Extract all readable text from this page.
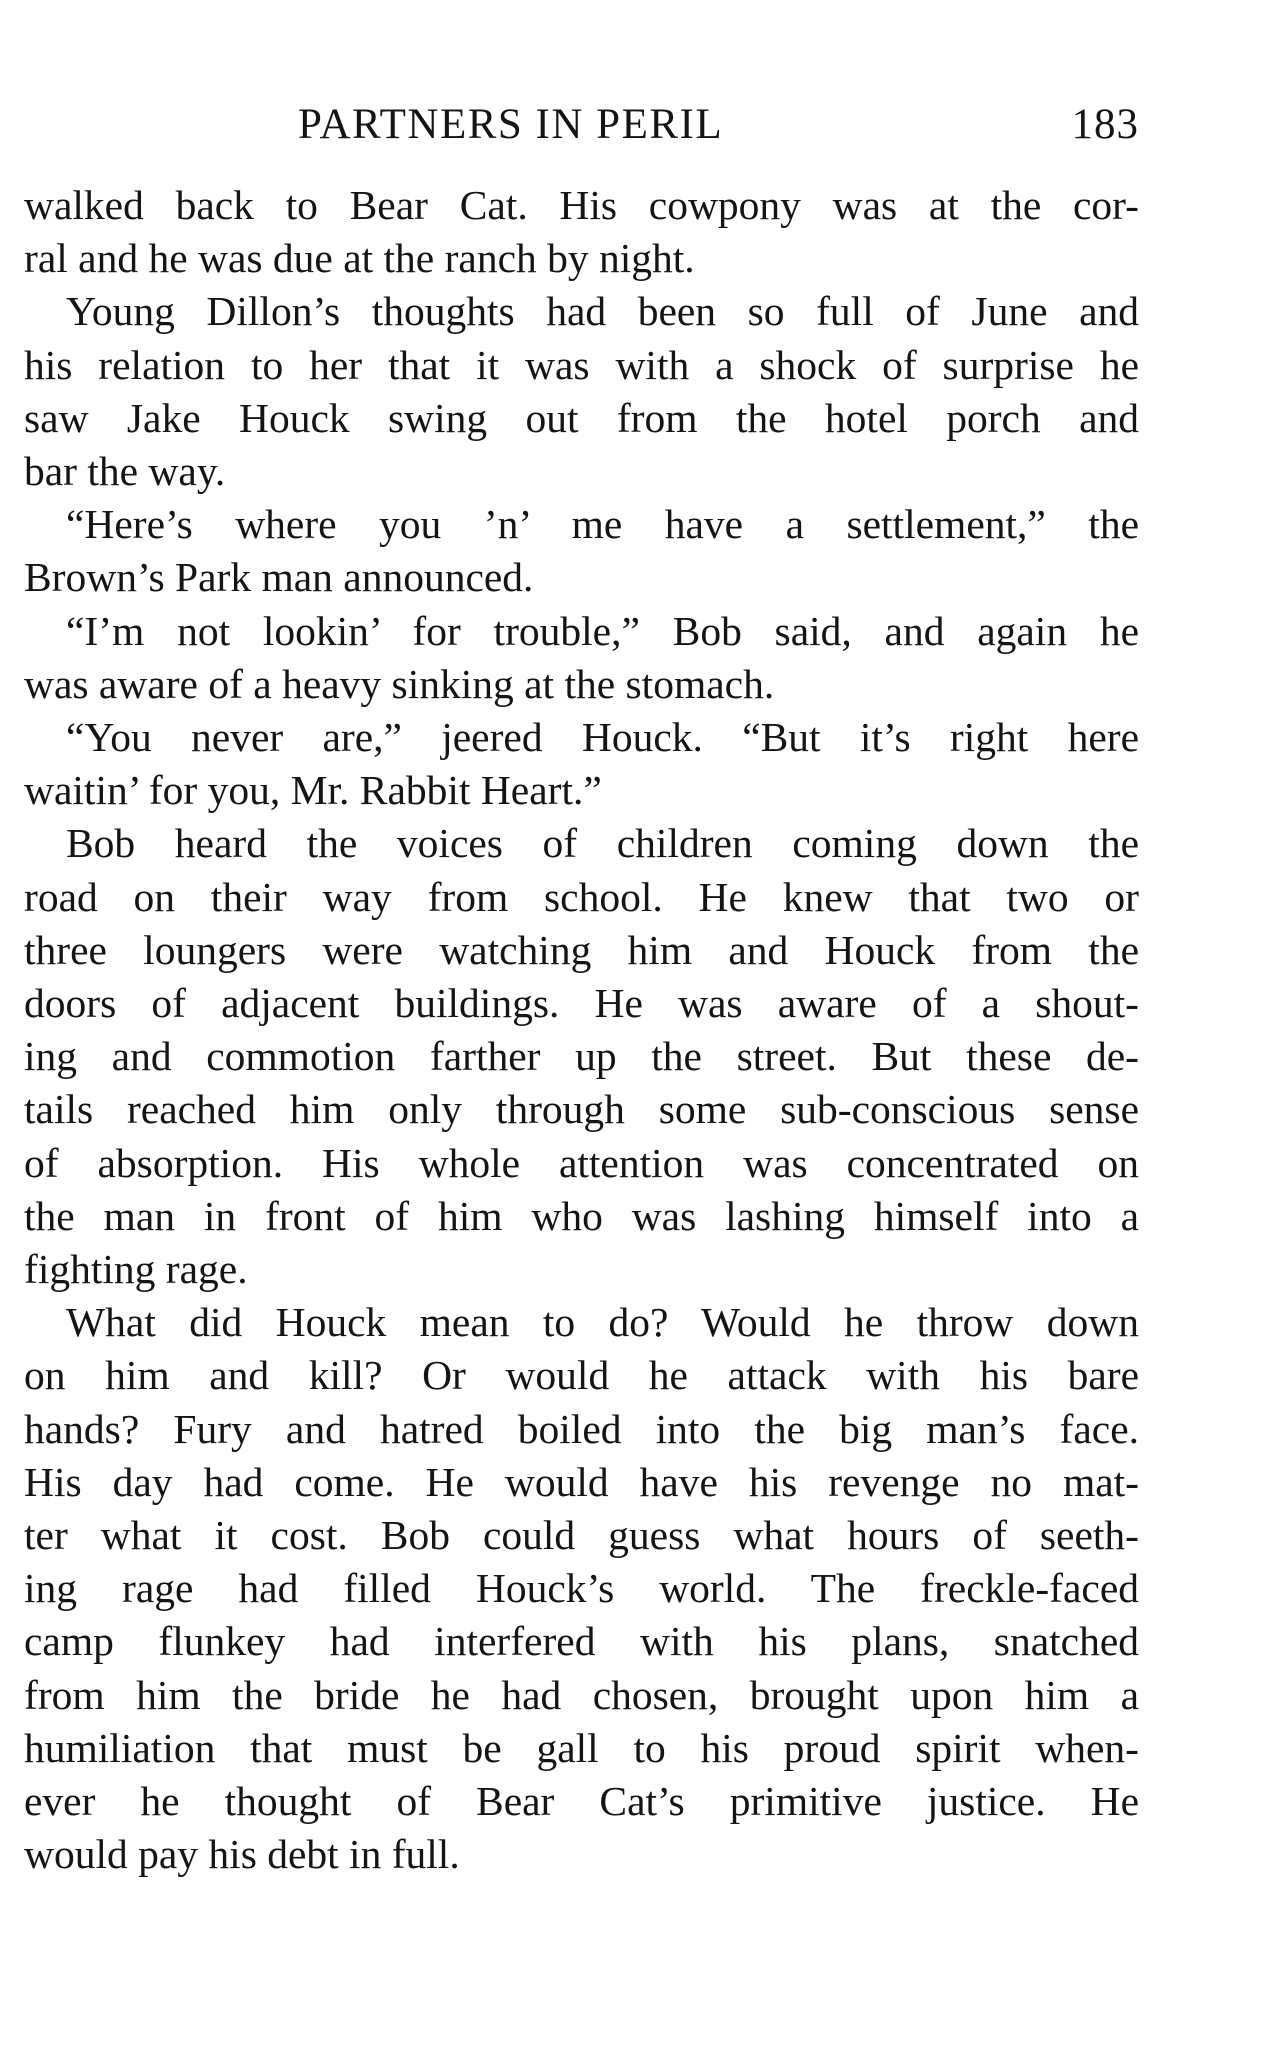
PARTNERS IN PERIL	183
walked back to Bear Cat. His cowpony was at the cor-
ral and he was due at the ranch by night.
Young Dillon’s thoughts had been so full of June and
his relation to her that it was with a shock of surprise he
saw Jake Houck swing out from the hotel porch and
bar the way.
“Here’s where you ’n’ me have a settlement,” the
Brown’s Park man announced.
“I’m not lookin’ for trouble,” Bob said, and again he
was aware of a heavy sinking at the stomach.
“You never are,” jeered Houck. “But it’s right here
waitin’ for you, Mr. Rabbit Heart.”
Bob heard the voices of children coming down the
road on their way from school. He knew that two or
three loungers were watching him and Houck from the
doors of adjacent buildings. He was aware of a shout-
ing and commotion farther up the street. But these de-
tails reached him only through some sub-conscious sense
of absorption. His whole attention was concentrated on
the man in front of him who was lashing himself into a
fighting rage.
What did Houck mean to do? Would he throw down
on him and kill? Or would he attack with his bare
hands? Fury and hatred boiled into the big man’s face.
His day had come. He would have his revenge no mat-
ter what it cost. Bob could guess what hours of seeth-
ing rage had filled Houck’s world. The freckle-faced
camp flunkey had interfered with his plans, snatched
from him the bride he had chosen, brought upon him a
humiliation that must be gall to his proud spirit when-
ever he thought of Bear Cat’s primitive justice. He
would pay his debt in full.
